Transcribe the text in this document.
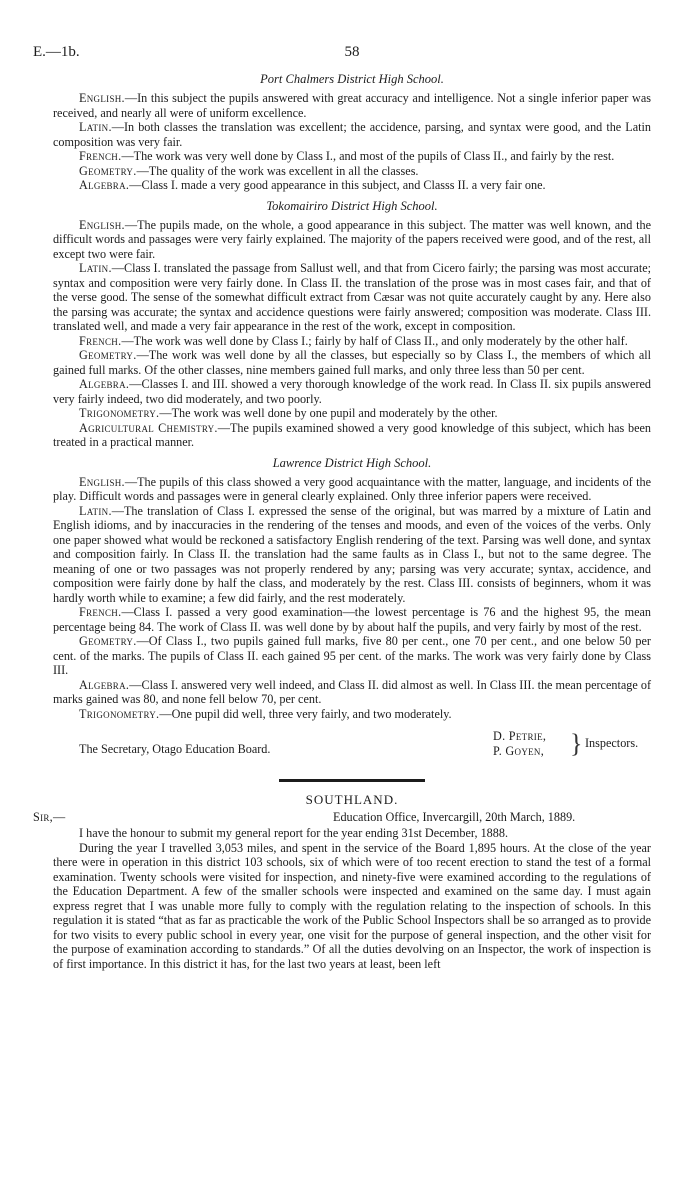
E.—1b.	58
Port Chalmers District High School.

English.—In this subject the pupils answered with great accuracy and intelligence. Not a single inferior paper was received, and nearly all were of uniform excellence.

Latin.—In both classes the translation was excellent; the accidence, parsing, and syntax were good, and the Latin composition was very fair.

French.—The work was very well done by Class I., and most of the pupils of Class II., and fairly by the rest.

Geometry.—The quality of the work was excellent in all the classes.

Algebra.—Class I. made a very good appearance in this subject, and Classs II. a very fair one.

Tokomairiro District High School.

English.—The pupils made, on the whole, a good appearance in this subject. The matter was well known, and the difficult words and passages were very fairly explained. The majority of the papers received were good, and of the rest, all except two were fair.

Latin.—Class I. translated the passage from Sallust well, and that from Cicero fairly; the parsing was most accurate; syntax and composition were very fairly done. In Class II. the translation of the prose was in most cases fair, and that of the verse good. The sense of the somewhat difficult extract from Cæsar was not quite accurately caught by any. Here also the parsing was accurate; the syntax and accidence questions were fairly answered; composition was moderate. Class III. translated well, and made a very fair appearance in the rest of the work, except in composition.

French.—The work was well done by Class I.; fairly by half of Class II., and only moderately by the other half.

Geometry.—The work was well done by all the classes, but especially so by Class I., the members of which all gained full marks. Of the other classes, nine members gained full marks, and only three less than 50 per cent.

Algebra.—Classes I. and III. showed a very thorough knowledge of the work read. In Class II. six pupils answered very fairly indeed, two did moderately, and two poorly.

Trigonometry.—The work was well done by one pupil and moderately by the other.

Agricultural Chemistry.—The pupils examined showed a very good knowledge of this subject, which has been treated in a practical manner.

Lawrence District High School.

English.—The pupils of this class showed a very good acquaintance with the matter, language, and incidents of the play. Difficult words and passages were in general clearly explained. Only three inferior papers were received.

Latin.—The translation of Class I. expressed the sense of the original, but was marred by a mixture of Latin and English idioms, and by inaccuracies in the rendering of the tenses and moods, and even of the voices of the verbs. Only one paper showed what would be reckoned a satisfactory English rendering of the text. Parsing was well done, and syntax and composition fairly. In Class II. the translation had the same faults as in Class I., but not to the same degree. The meaning of one or two passages was not properly rendered by any; parsing was very accurate; syntax, accidence, and composition were fairly done by half the class, and moderately by the rest. Class III. consists of beginners, whom it was hardly worth while to examine; a few did fairly, and the rest moderately.

French.—Class I. passed a very good examination—the lowest percentage is 76 and the highest 95, the mean percentage being 84. The work of Class II. was well done by by about half the pupils, and very fairly by most of the rest.

Geometry.—Of Class I., two pupils gained full marks, five 80 per cent., one 70 per cent., and one below 50 per cent. of the marks. The pupils of Class II. each gained 95 per cent. of the marks. The work was very fairly done by Class III.

Algebra.—Class I. answered very well indeed, and Class II. did almost as well. In Class III. the mean percentage of marks gained was 80, and none fell below 70, per cent.

Trigonometry.—One pupil did well, three very fairly, and two moderately.

The Secretary, Otago Education Board.
D. Petrie,
P. Goyen, } Inspectors.
SOUTHLAND.
Sir,—	Education Office, Invercargill, 20th March, 1889.

I have the honour to submit my general report for the year ending 31st December, 1888.

During the year I travelled 3,053 miles, and spent in the service of the Board 1,895 hours. At the close of the year there were in operation in this district 103 schools, six of which were of too recent erection to stand the test of a formal examination. Twenty schools were visited for inspection, and ninety-five were examined according to the regulations of the Education Department. A few of the smaller schools were inspected and examined on the same day. I must again express regret that I was unable more fully to comply with the regulation relating to the inspection of schools. In this regulation it is stated “that as far as practicable the work of the Public School Inspectors shall be so arranged as to provide for two visits to every public school in every year, one visit for the purpose of general inspection, and the other visit for the purpose of examination according to standards.” Of all the duties devolving on an Inspector, the work of inspection is of first importance. In this district it has, for the last two years at least, been left
